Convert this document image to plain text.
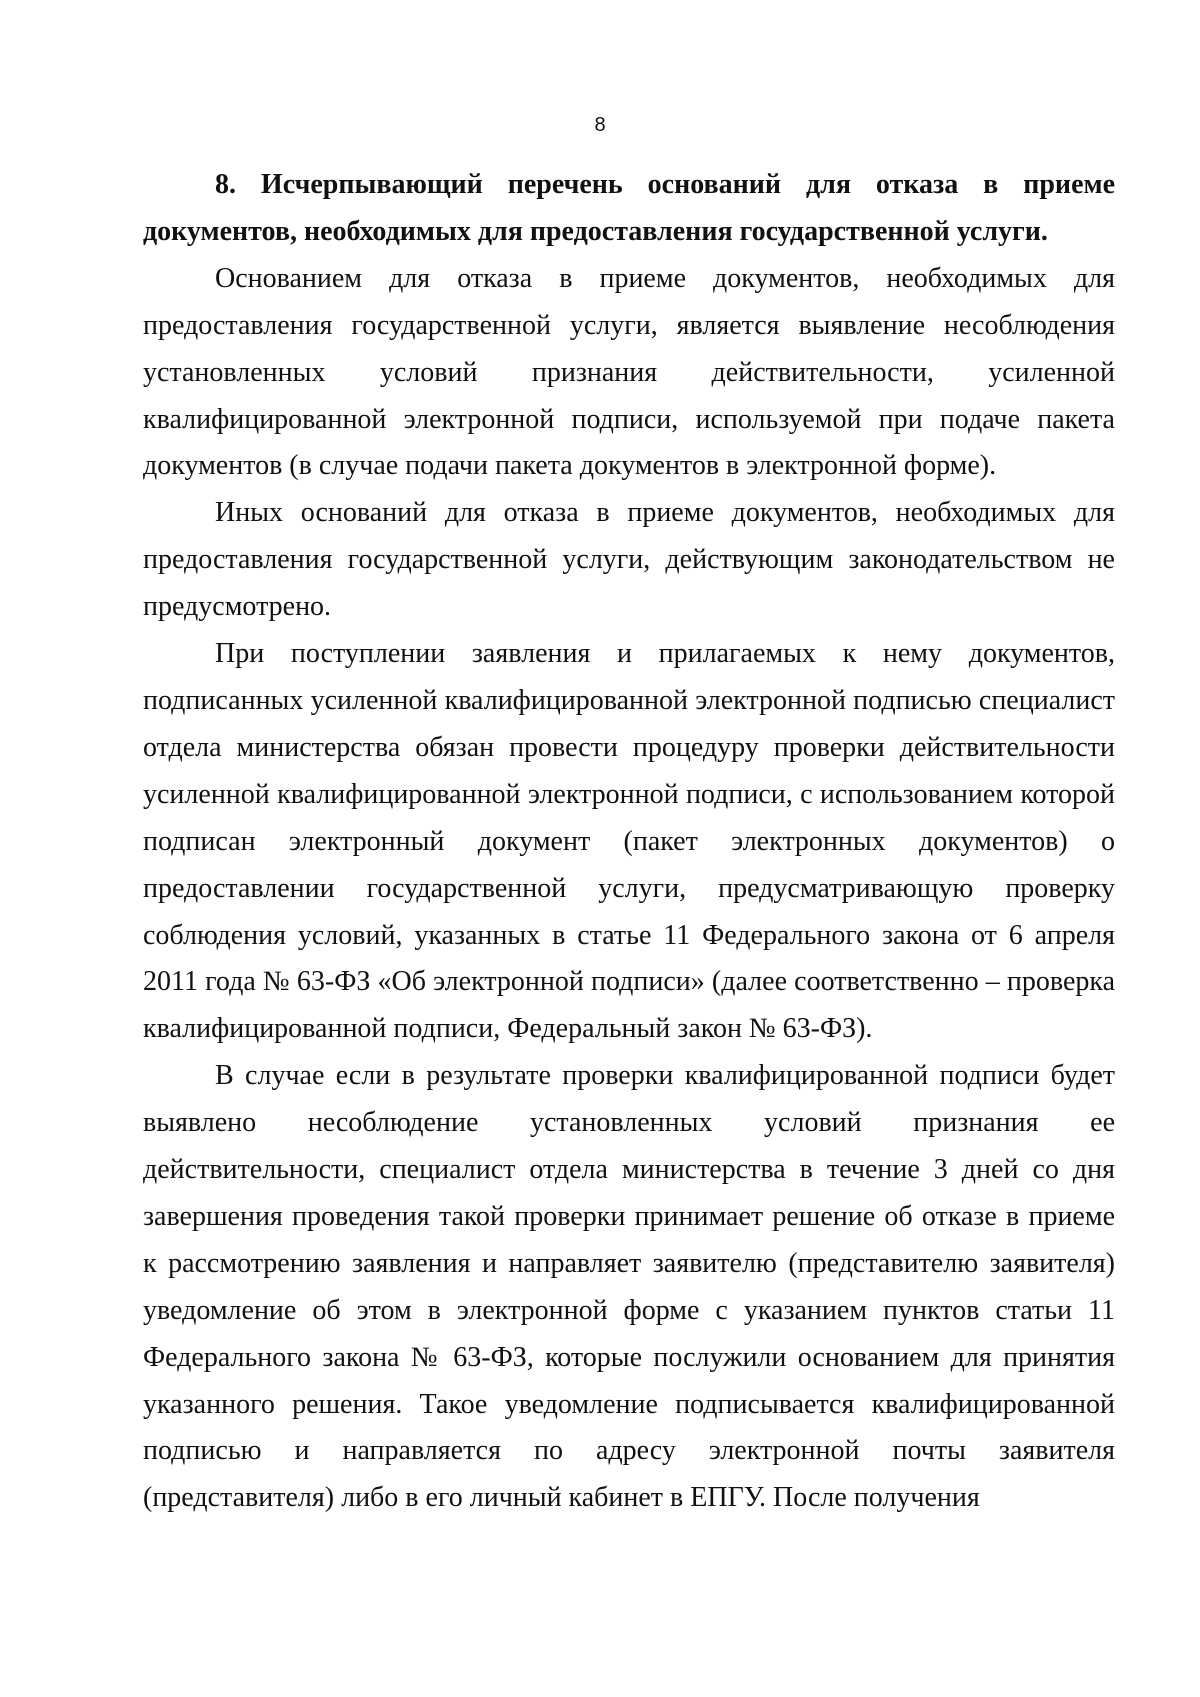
8

8. Исчерпывающий перечень оснований для отказа в приеме документов, необходимых для предоставления государственной услуги.

Основанием для отказа в приеме документов, необходимых для предоставления государственной услуги, является выявление несоблюдения установленных условий признания действительности, усиленной квалифицированной электронной подписи, используемой при подаче пакета документов (в случае подачи пакета документов в электронной форме).

Иных оснований для отказа в приеме документов, необходимых для предоставления государственной услуги, действующим законодательством не предусмотрено.

При поступлении заявления и прилагаемых к нему документов, подписанных усиленной квалифицированной электронной подписью специалист отдела министерства обязан провести процедуру проверки действительности усиленной квалифицированной электронной подписи, с использованием которой подписан электронный документ (пакет электронных документов) о предоставлении государственной услуги, предусматривающую проверку соблюдения условий, указанных в статье 11 Федерального закона от 6 апреля 2011 года № 63-ФЗ «Об электронной подписи» (далее соответственно – проверка квалифицированной подписи, Федеральный закон № 63-ФЗ).

В случае если в результате проверки квалифицированной подписи будет выявлено несоблюдение установленных условий признания ее действительности, специалист отдела министерства в течение 3 дней со дня завершения проведения такой проверки принимает решение об отказе в приеме к рассмотрению заявления и направляет заявителю (представителю заявителя) уведомление об этом в электронной форме с указанием пунктов статьи 11 Федерального закона № 63-ФЗ, которые послужили основанием для принятия указанного решения. Такое уведомление подписывается квалифицированной подписью и направляется по адресу электронной почты заявителя (представителя) либо в его личный кабинет в ЕПГУ. После получения
